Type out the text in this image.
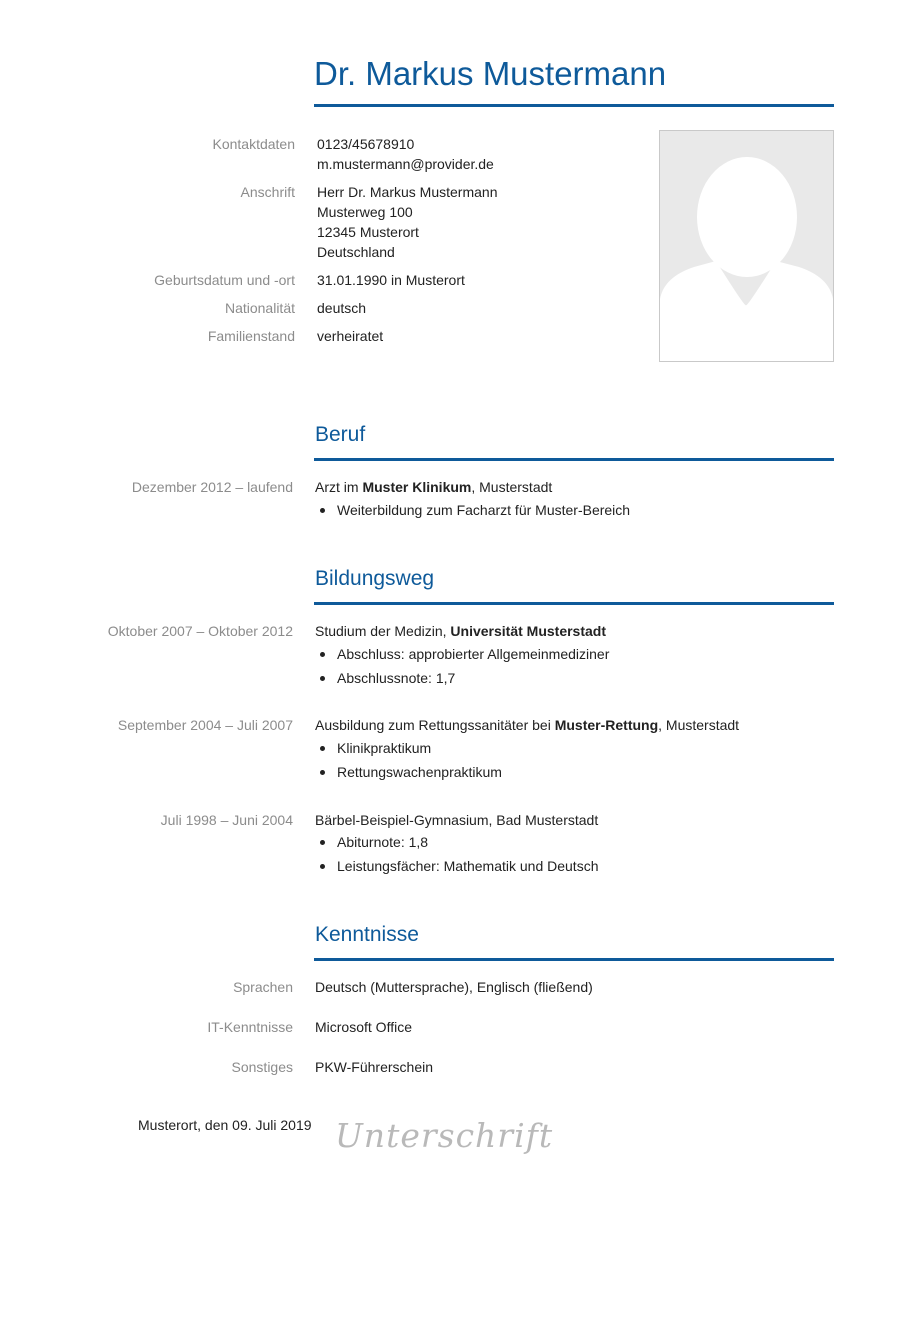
Dr. Markus Mustermann
Kontaktdaten 0123/45678910
m.mustermann@provider.de
Anschrift Herr Dr. Markus Mustermann
Musterweg 100
12345 Musterort
Deutschland
Geburtsdatum und -ort 31.01.1990 in Musterort
Nationalität deutsch
Familienstand verheiratet
Beruf
Dezember 2012 – laufend Arzt im Muster Klinikum, Musterstadt
Weiterbildung zum Facharzt für Muster-Bereich
Bildungsweg
Oktober 2007 – Oktober 2012 Studium der Medizin, Universität Musterstadt
Abschluss: approbierter Allgemeinmediziner
Abschlussnote: 1,7
September 2004 – Juli 2007 Ausbildung zum Rettungssanitäter bei Muster-Rettung, Musterstadt
Klinikpraktikum
Rettungswachenpraktikum
Juli 1998 – Juni 2004 Bärbel-Beispiel-Gymnasium, Bad Musterstadt
Abiturnote: 1,8
Leistungsfächer: Mathematik und Deutsch
Kenntnisse
Sprachen Deutsch (Muttersprache), Englisch (fließend)
IT-Kenntnisse Microsoft Office
Sonstiges PKW-Führerschein
Musterort, den 09. Juli 2019 Unterschrift
